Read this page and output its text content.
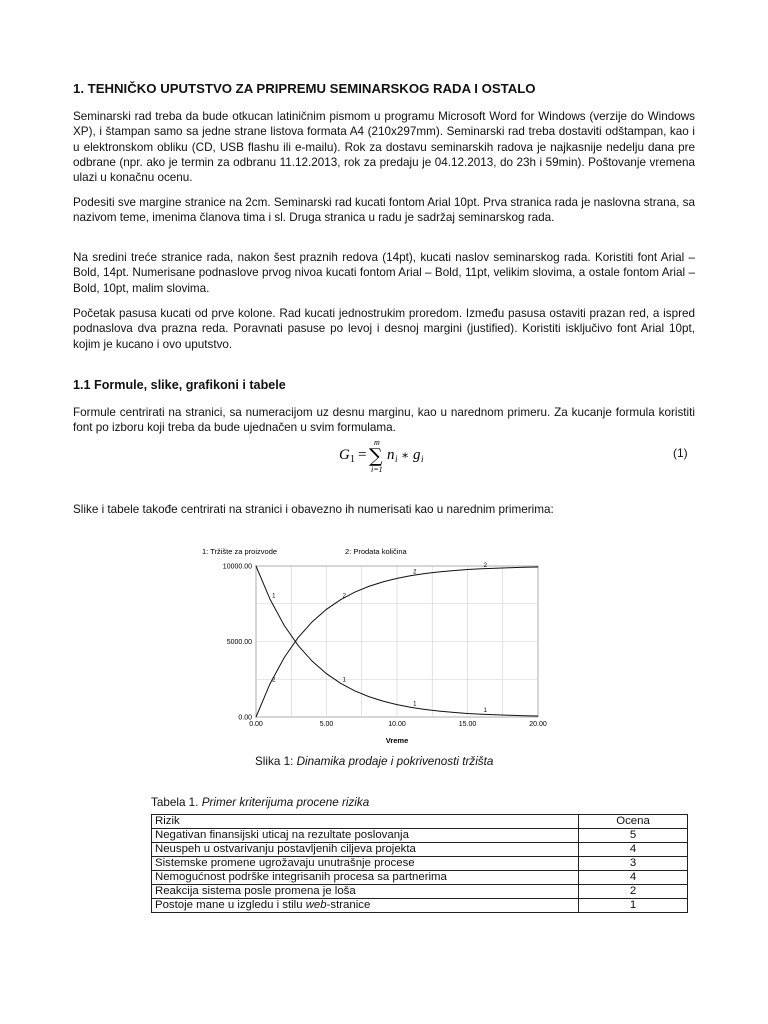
1. TEHNIČKO UPUTSTVO ZA PRIPREMU SEMINARSKOG RADA I OSTALO

Seminarski rad treba da bude otkucan latiničnim pismom u programu Microsoft Word for Windows (verzije do Windows XP), i štampan samo sa jedne strane listova formata A4 (210x297mm). Seminarski rad treba dostaviti odštampan, kao i u elektronskom obliku (CD, USB flashu ili e-mailu). Rok za dostavu seminarskih radova je najkasnije nedelju dana pre odbrane (npr. ako je termin za odbranu 11.12.2013, rok za predaju je 04.12.2013, do 23h i 59min). Poštovanje vremena ulazi u konačnu ocenu.

Podesiti sve margine stranice na 2cm. Seminarski rad kucati fontom Arial 10pt. Prva stranica rada je naslovna strana, sa nazivom teme, imenima članova tima i sl. Druga stranica u radu je sadržaj seminarskog rada.

Na sredini treće stranice rada, nakon šest praznih redova (14pt), kucati naslov seminarskog rada. Koristiti font Arial – Bold, 14pt. Numerisane podnaslove prvog nivoa kucati fontom Arial – Bold, 11pt, velikim slovima, a ostale fontom Arial – Bold, 10pt, malim slovima.

Početak pasusa kucati od prve kolone. Rad kucati jednostrukim proredom. Između pasusa ostaviti prazan red, a ispred podnaslova dva prazna reda. Poravnati pasuse po levoj i desnoj margini (justified). Koristiti isključivo font Arial 10pt, kojim je kucano i ovo uputstvo.

1.1 Formule, slike, grafikoni i tabele

Formule centrirati na stranici, sa numeracijom uz desnu marginu, kao u narednom primeru. Za kucanje formula koristiti font po izboru koji treba da bude ujednačen u svim formulama.

G 1 =
m
∑
i=1
n i ∗ g i	(1)

Slike i tabele takođe centrirati na stranici i obavezno ih numerisati kao u narednim primerima:

1: Tržište za proizvode	2: Prodata količina
0.00	5.00	10.00	15.00	20.00
0.00
5000.00
10000.00
1
1
1
1
2
2
2
2
Vreme
Slika 1: Dinamika prodaje i pokrivenosti tržišta
Tabela 1. Primer kriterijuma procene rizika
Rizik	Ocena
Negativan finansijski uticaj na rezultate poslovanja	5
Neuspeh u ostvarivanju postavljenih ciljeva projekta	4
Sistemske promene ugrožavaju unutrašnje procese	3
Nemogućnost podrške integrisanih procesa sa partnerima	4
Reakcija sistema posle promena je loša	2
Postoje mane u izgledu i stilu web-stranice	1
